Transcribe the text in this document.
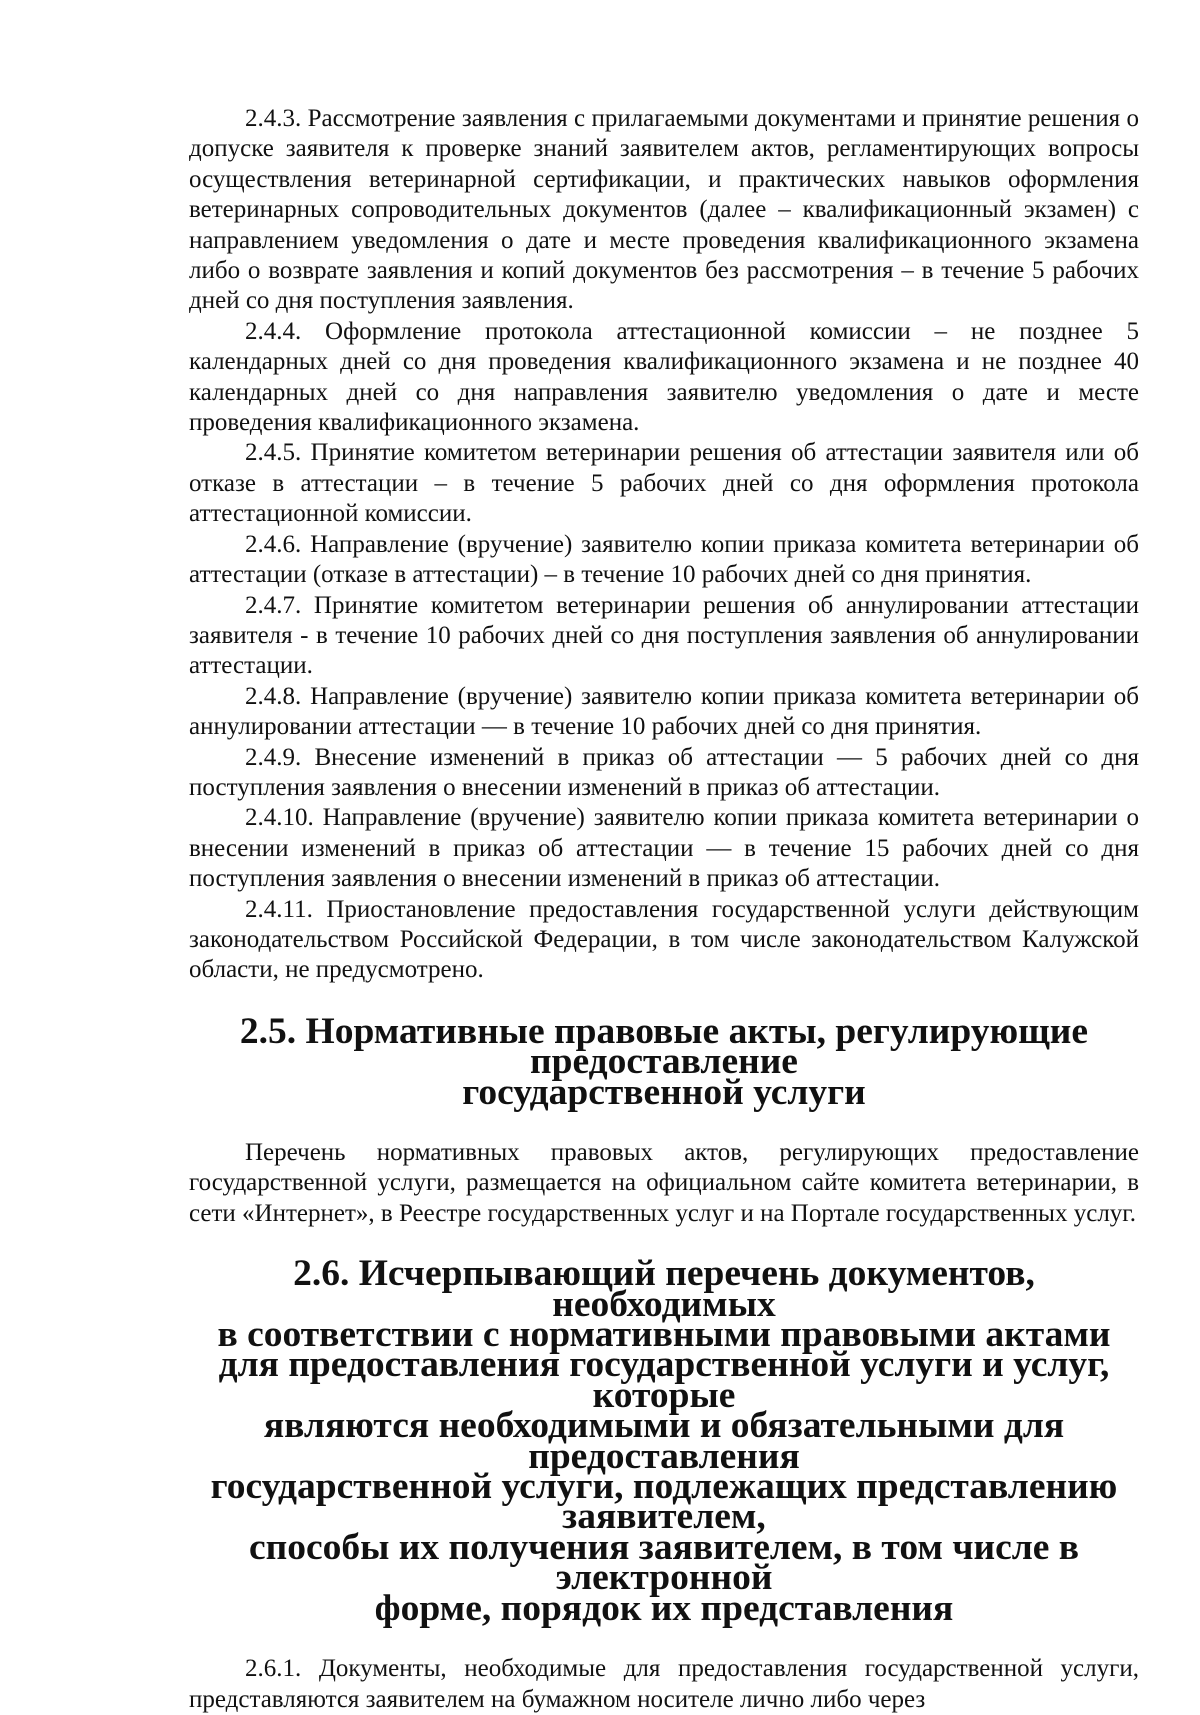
2.4.3. Рассмотрение заявления с прилагаемыми документами и принятие решения о допуске заявителя к проверке знаний заявителем актов, регламентирующих вопросы осуществления ветеринарной сертификации, и практических навыков оформления ветеринарных сопроводительных документов (далее – квалификационный экзамен) с направлением уведомления о дате и месте проведения квалификационного экзамена либо о возврате заявления и копий документов без рассмотрения – в течение 5 рабочих дней со дня поступления заявления.

2.4.4. Оформление протокола аттестационной комиссии – не позднее 5 календарных дней со дня проведения квалификационного экзамена и не позднее 40 календарных дней со дня направления заявителю уведомления о дате и месте проведения квалификационного экзамена.

2.4.5. Принятие комитетом ветеринарии решения об аттестации заявителя или об отказе в аттестации – в течение 5 рабочих дней со дня оформления протокола аттестационной комиссии.

2.4.6. Направление (вручение) заявителю копии приказа комитета ветеринарии об аттестации (отказе в аттестации) – в течение 10 рабочих дней со дня принятия.

2.4.7. Принятие комитетом ветеринарии решения об аннулировании аттестации заявителя - в течение 10 рабочих дней со дня поступления заявления об аннулировании аттестации.

2.4.8. Направление (вручение) заявителю копии приказа комитета ветеринарии об аннулировании аттестации — в течение 10 рабочих дней со дня принятия.

2.4.9. Внесение изменений в приказ об аттестации — 5 рабочих дней со дня поступления заявления о внесении изменений в приказ об аттестации.

2.4.10. Направление (вручение) заявителю копии приказа комитета ветеринарии о внесении изменений в приказ об аттестации — в течение 15 рабочих дней со дня поступления заявления о внесении изменений в приказ об аттестации.

2.4.11. Приостановление предоставления государственной услуги действующим законодательством Российской Федерации, в том числе законодательством Калужской области, не предусмотрено.

2.5. Нормативные правовые акты, регулирующие предоставление
государственной услуги

Перечень нормативных правовых актов, регулирующих предоставление государственной услуги, размещается на официальном сайте комитета ветеринарии, в сети «Интернет», в Реестре государственных услуг и на Портале государственных услуг.

2.6. Исчерпывающий перечень документов, необходимых
в соответствии с нормативными правовыми актами
для предоставления государственной услуги и услуг, которые
являются необходимыми и обязательными для предоставления
государственной услуги, подлежащих представлению заявителем,
способы их получения заявителем, в том числе в электронной
форме, порядок их представления

2.6.1. Документы, необходимые для предоставления государственной услуги, представляются заявителем на бумажном носителе лично либо через
